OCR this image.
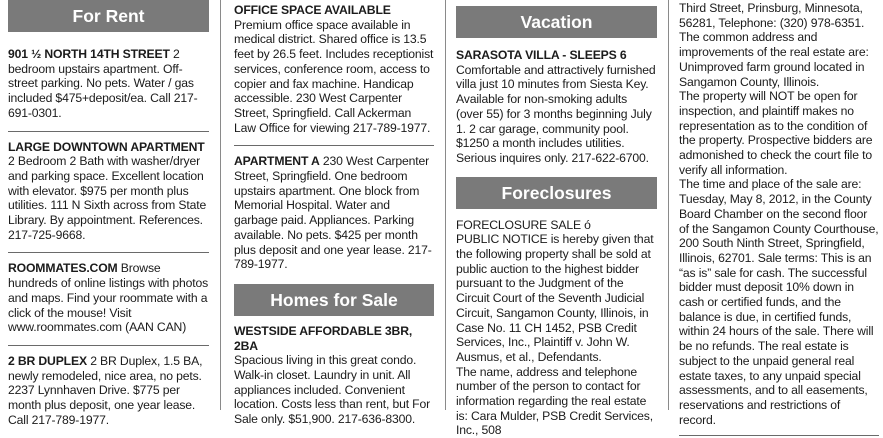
For Rent

901 ½ NORTH 14TH STREET 2 bedroom upstairs apartment. Off-street parking. No pets. Water / gas included $475+deposit/ea. Call 217-691-0301.

LARGE DOWNTOWN APARTMENT 2 Bedroom 2 Bath with washer/dryer and parking space. Excellent location with elevator. $975 per month plus utilities. 111 N Sixth across from State Library. By appointment. References. 217-725-9668.

ROOMMATES.COM Browse hundreds of online listings with photos and maps. Find your roommate with a click of the mouse! Visit www.roommates.com (AAN CAN)

2 BR DUPLEX 2 BR Duplex, 1.5 BA, newly remodeled, nice area, no pets. 2237 Lynnhaven Drive. $775 per month plus deposit, one year lease. Call 217-789-1977.

OFFICE SPACE AVAILABLE Premium office space available in medical district. Shared office is 13.5 feet by 26.5 feet. Includes receptionist services, conference room, access to copier and fax machine. Handicap accessible. 230 West Carpenter Street, Springfield. Call Ackerman Law Office for viewing 217-789-1977.

APARTMENT A 230 West Carpenter Street, Springfield. One bedroom upstairs apartment. One block from Memorial Hospital. Water and garbage paid. Appliances. Parking available. No pets. $425 per month plus deposit and one year lease. 217-789-1977.

Homes for Sale

WESTSIDE AFFORDABLE 3BR, 2BA
Spacious living in this great condo. Walk-in closet. Laundry in unit. All appliances included. Convenient location. Costs less than rent, but For Sale only. $51,900. 217-636-8300.

Vacation

SARASOTA VILLA - SLEEPS 6
Comfortable and attractively furnished villa just 10 minutes from Siesta Key. Available for non-smoking adults (over 55) for 3 months beginning July 1. 2 car garage, community pool. $1250 a month includes utilities. Serious inquires only. 217-622-6700.

Foreclosures

FORECLOSURE SALE ó
PUBLIC NOTICE is hereby given that the following property shall be sold at public auction to the highest bidder pursuant to the Judgment of the Circuit Court of the Seventh Judicial Circuit, Sangamon County, Illinois, in Case No. 11 CH 1452, PSB Credit Services, Inc., Plaintiff v. John W. Ausmus, et al., Defendants.

The name, address and telephone number of the person to contact for information regarding the real estate is: Cara Mulder, PSB Credit Services, Inc., 508

Third Street, Prinsburg, Minnesota, 56281, Telephone: (320) 978-6351.

The common address and improvements of the real estate are: Unimproved farm ground located in Sangamon County, Illinois.

The property will NOT be open for inspection, and plaintiff makes no representation as to the condition of the property. Prospective bidders are admonished to check the court file to verify all information.

The time and place of the sale are: Tuesday, May 8, 2012, in the County Board Chamber on the second floor of the Sangamon County Courthouse, 200 South Ninth Street, Springfield, Illinois, 62701. Sale terms: This is an “as is” sale for cash. The successful bidder must deposit 10% down in cash or certified funds, and the balance is due, in certified funds, within 24 hours of the sale. There will be no refunds. The real estate is subject to the unpaid general real estate taxes, to any unpaid special assessments, and to all easements, reservations and restrictions of record.
